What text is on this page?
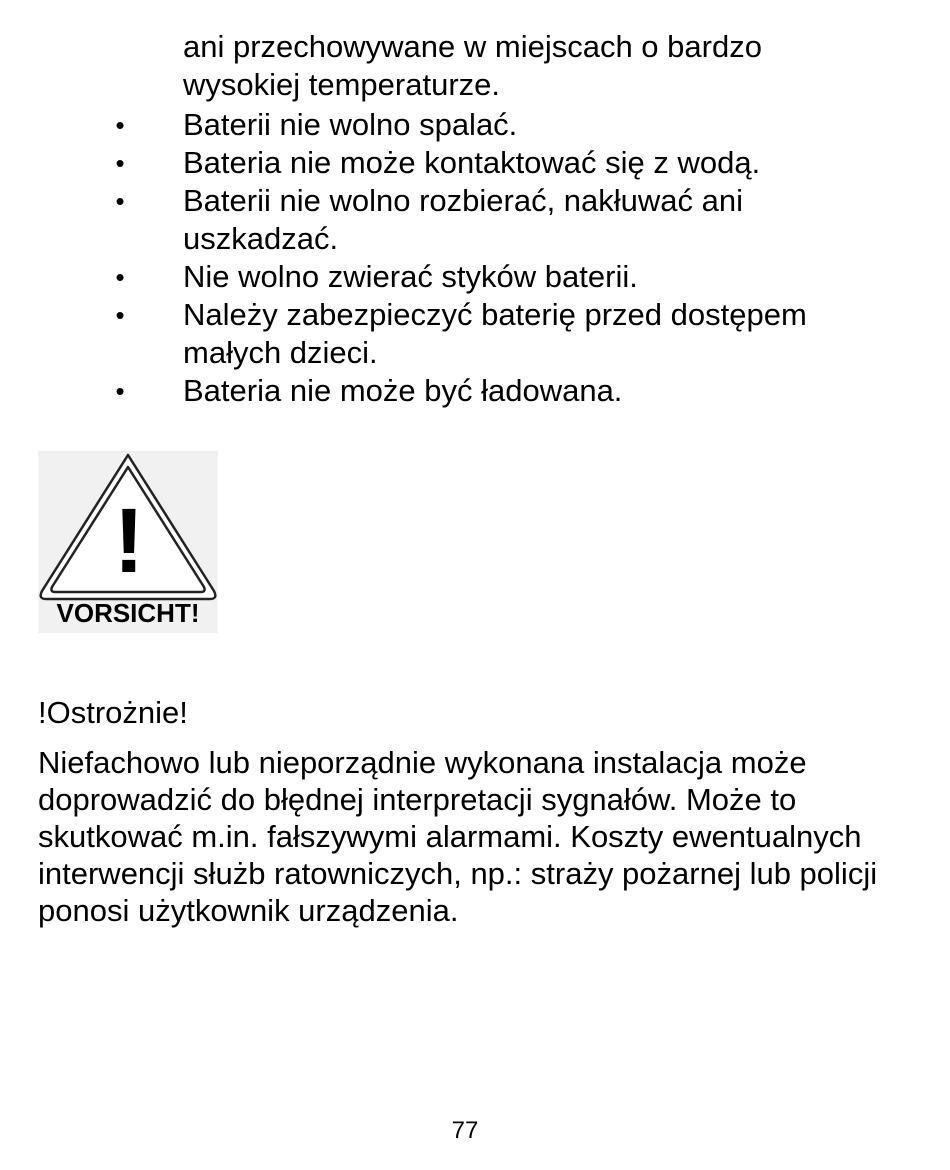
ani przechowywane w miejscach o bardzo wysokiej temperaturze.
• Baterii nie wolno spalać.
• Bateria nie może kontaktować się z wodą.
• Baterii nie wolno rozbierać, nakłuwać ani uszkadzać.
• Nie wolno zwierać styków baterii.
• Należy zabezpieczyć baterię przed dostępem małych dzieci.
• Bateria nie może być ładowana.
!
VORSICHT!
!Ostrożnie!
Niefachowo lub nieporządnie wykonana instalacja może doprowadzić do błędnej interpretacji sygnałów. Może to skutkować m.in. fałszywymi alarmami. Koszty ewentualnych interwencji służb ratowniczych, np.: straży pożarnej lub policji ponosi użytkownik urządzenia.
77
